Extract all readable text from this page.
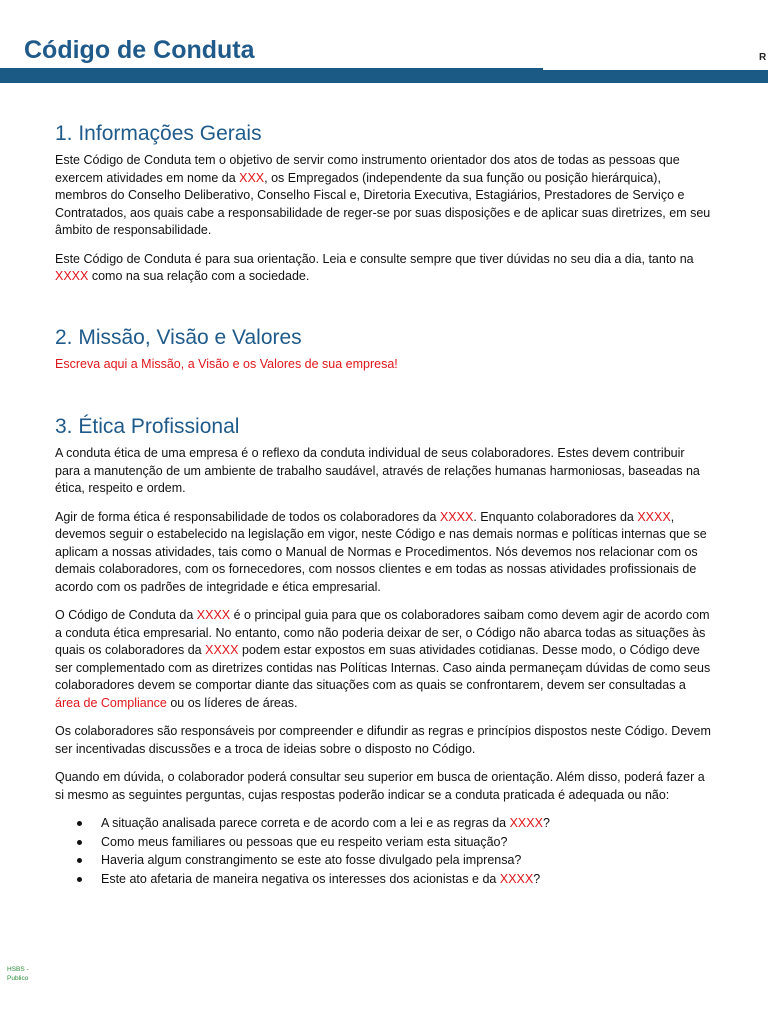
Código de Conduta	R
1. Informações Gerais

Este Código de Conduta tem o objetivo de servir como instrumento orientador dos atos de todas as pessoas que exercem atividades em nome da XXX, os Empregados (independente da sua função ou posição hierárquica), membros do Conselho Deliberativo, Conselho Fiscal e, Diretoria Executiva, Estagiários, Prestadores de Serviço e Contratados, aos quais cabe a responsabilidade de reger-se por suas disposições e de aplicar suas diretrizes, em seu âmbito de responsabilidade.

Este Código de Conduta é para sua orientação. Leia e consulte sempre que tiver dúvidas no seu dia a dia, tanto na XXXX como na sua relação com a sociedade.

2. Missão, Visão e Valores

Escreva aqui a Missão, a Visão e os Valores de sua empresa!

3. Ética Profissional

A conduta ética de uma empresa é o reflexo da conduta individual de seus colaboradores. Estes devem contribuir para a manutenção de um ambiente de trabalho saudável, através de relações humanas harmoniosas, baseadas na ética, respeito e ordem.

Agir de forma ética é responsabilidade de todos os colaboradores da XXXX. Enquanto colaboradores da XXXX, devemos seguir o estabelecido na legislação em vigor, neste Código e nas demais normas e políticas internas que se aplicam a nossas atividades, tais como o Manual de Normas e Procedimentos. Nós devemos nos relacionar com os demais colaboradores, com os fornecedores, com nossos clientes e em todas as nossas atividades profissionais de acordo com os padrões de integridade e ética empresarial.

O Código de Conduta da XXXX é o principal guia para que os colaboradores saibam como devem agir de acordo com a conduta ética empresarial. No entanto, como não poderia deixar de ser, o Código não abarca todas as situações às quais os colaboradores da XXXX podem estar expostos em suas atividades cotidianas. Desse modo, o Código deve ser complementado com as diretrizes contidas nas Políticas Internas. Caso ainda permaneçam dúvidas de como seus colaboradores devem se comportar diante das situações com as quais se confrontarem, devem ser consultadas a área de Compliance ou os líderes de áreas.

Os colaboradores são responsáveis por compreender e difundir as regras e princípios dispostos neste Código. Devem ser incentivadas discussões e a troca de ideias sobre o disposto no Código.

Quando em dúvida, o colaborador poderá consultar seu superior em busca de orientação. Além disso, poderá fazer a si mesmo as seguintes perguntas, cujas respostas poderão indicar se a conduta praticada é adequada ou não:

A situação analisada parece correta e de acordo com a lei e as regras da XXXX?
Como meus familiares ou pessoas que eu respeito veriam esta situação?
Haveria algum constrangimento se este ato fosse divulgado pela imprensa?
Este ato afetaria de maneira negativa os interesses dos acionistas e da XXXX?
HSBS -
Publico
